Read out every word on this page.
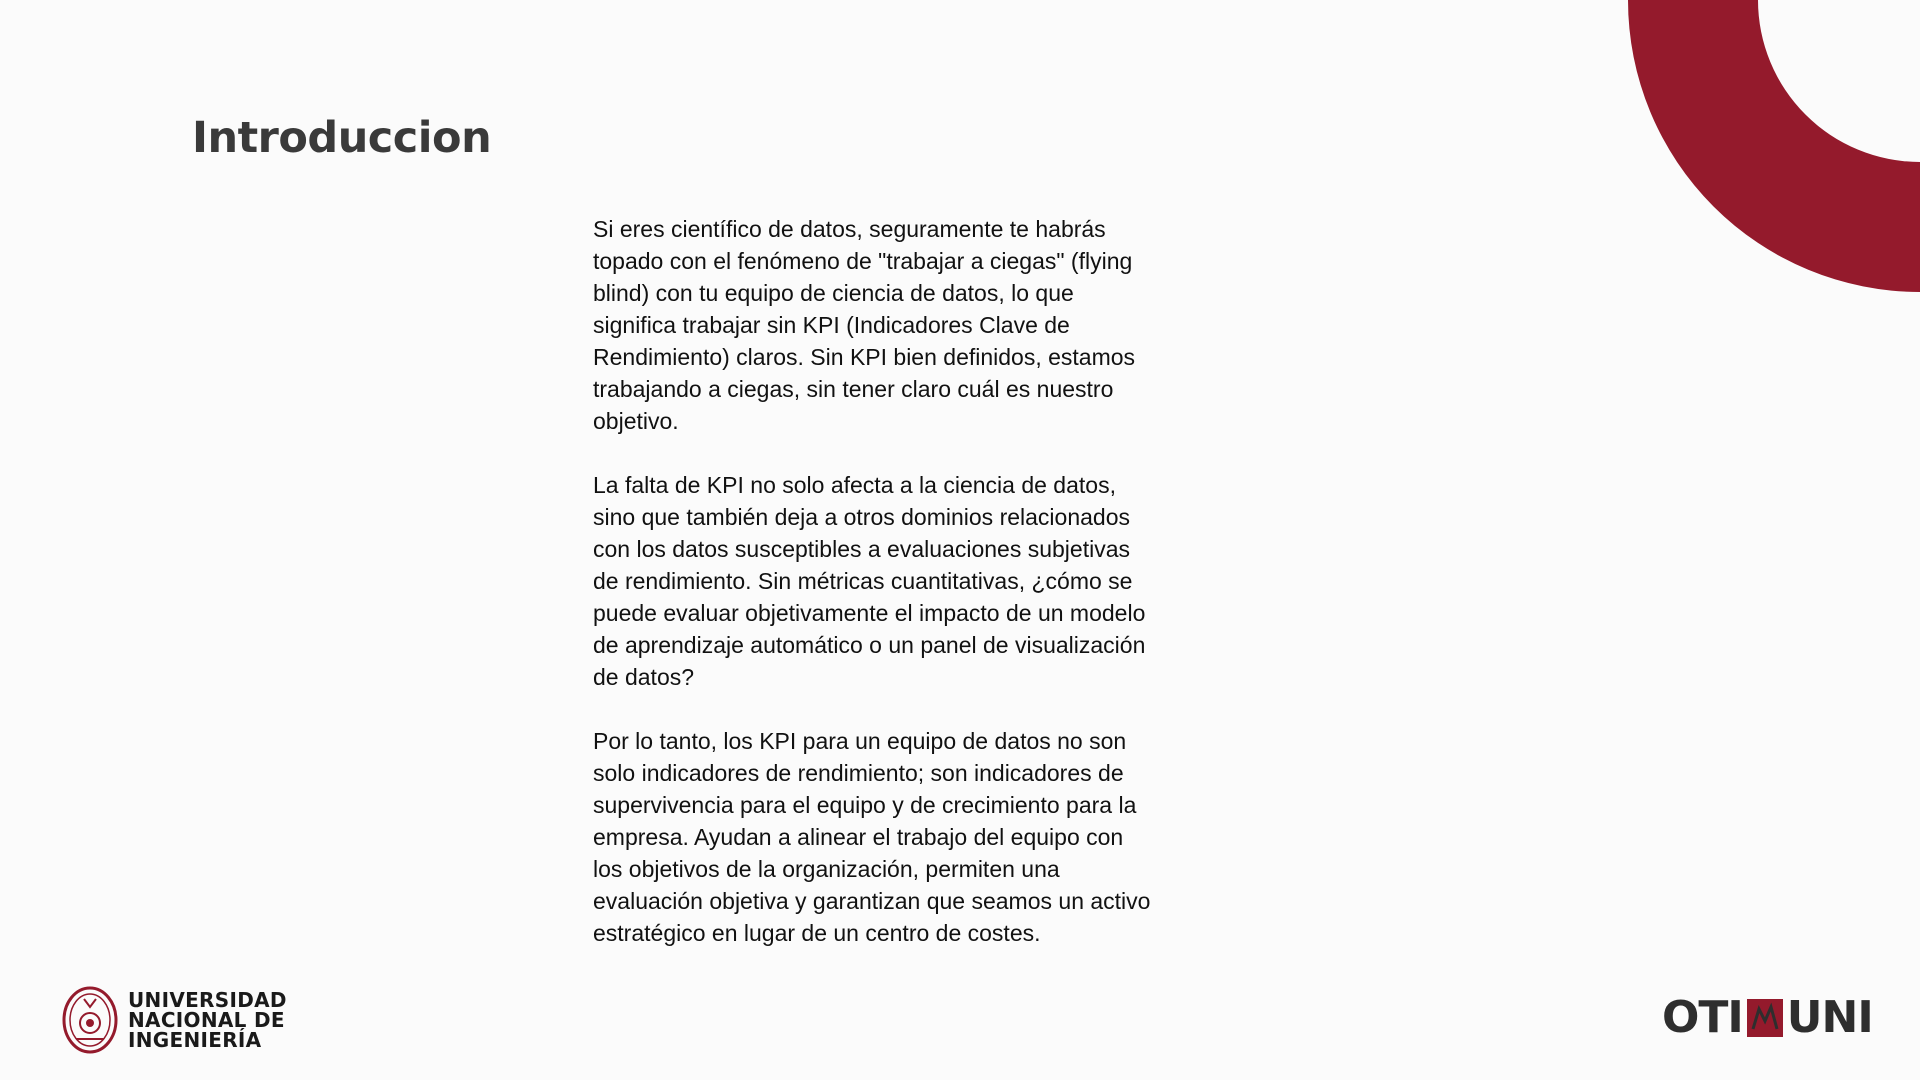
Introduccion

Si eres científico de datos, seguramente te habrás topado con el fenómeno de "trabajar a ciegas" (flying blind) con tu equipo de ciencia de datos, lo que significa trabajar sin KPI (Indicadores Clave de Rendimiento) claros. Sin KPI bien definidos, estamos trabajando a ciegas, sin tener claro cuál es nuestro objetivo.

La falta de KPI no solo afecta a la ciencia de datos, sino que también deja a otros dominios relacionados con los datos susceptibles a evaluaciones subjetivas de rendimiento. Sin métricas cuantitativas, ¿cómo se puede evaluar objetivamente el impacto de un modelo de aprendizaje automático o un panel de visualización de datos?

Por lo tanto, los KPI para un equipo de datos no son solo indicadores de rendimiento; son indicadores de supervivencia para el equipo y de crecimiento para la empresa. Ayudan a alinear el trabajo del equipo con los objetivos de la organización, permiten una evaluación objetiva y garantizan que seamos un activo estratégico en lugar de un centro de costes.

UNIVERSIDAD
NACIONAL DE
INGENIERÍA	OTI UNI
